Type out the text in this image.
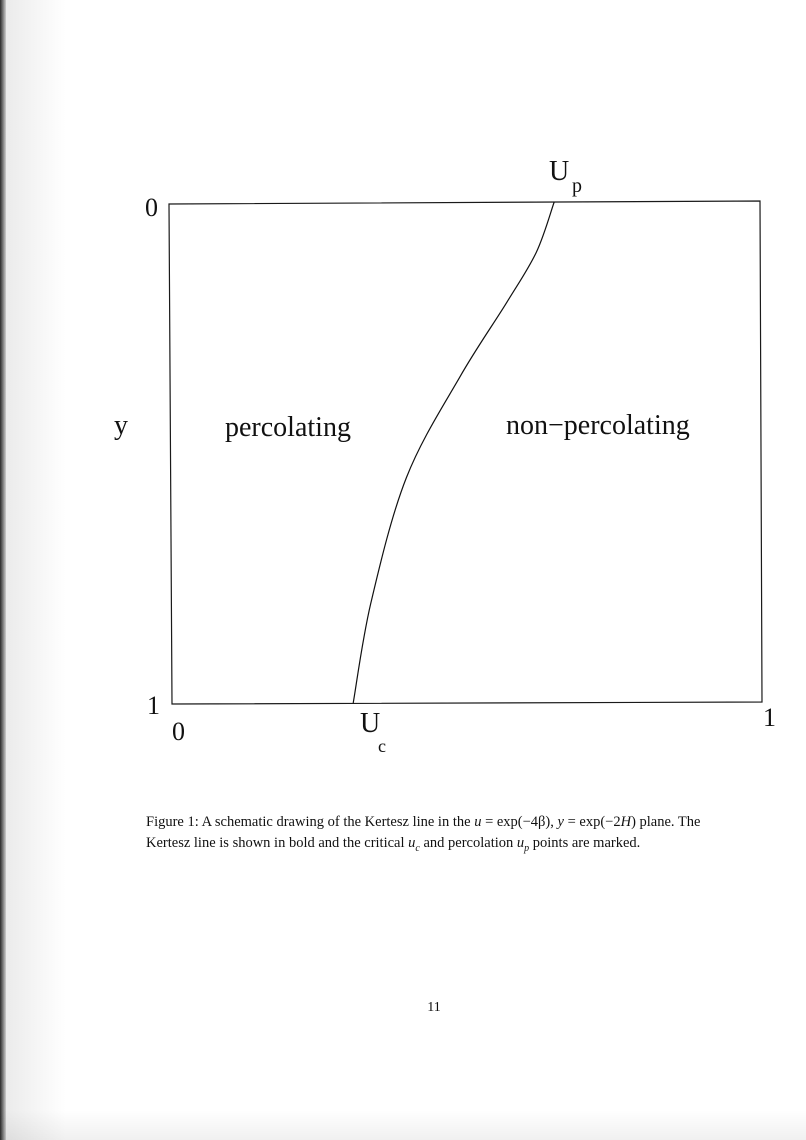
y
0
1
0	1
U p
U c
percolating	non−percolating
Figure 1: A schematic drawing of the Kertesz line in the u = exp(−4β), y = exp(−2H) plane. The Kertesz line is shown in bold and the critical $u_c$ and percolation $u_p$ points are marked.
11
